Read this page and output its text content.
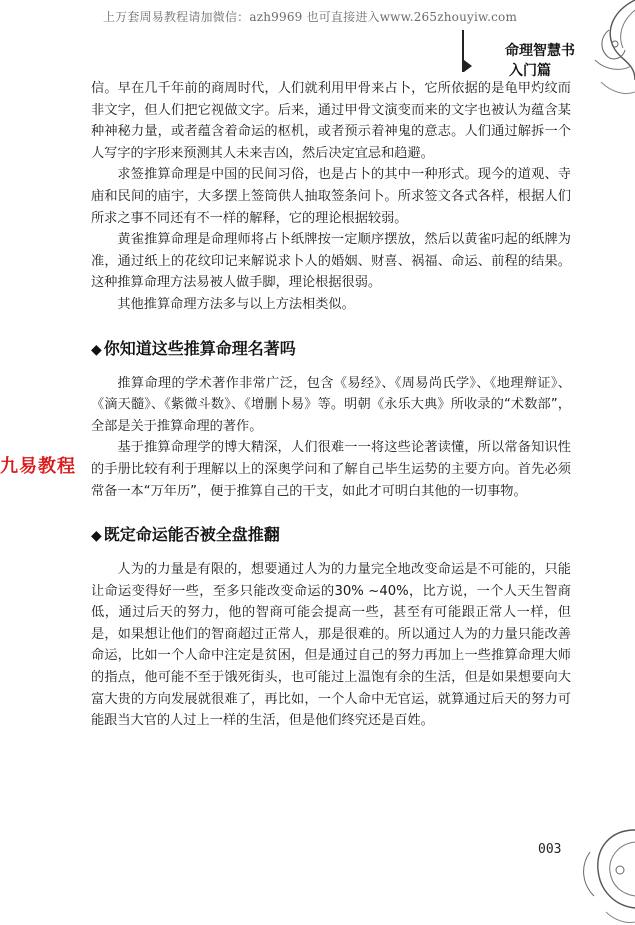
上万套周易教程请加微信：azh9969 也可直接进入www.265zhouyiw.com
命理智慧书
入门篇
九易教程

信。早在几千年前的商周时代，人们就利用甲骨来占卜，它所依据的是龟甲灼纹而非文字，但人们把它视做文字。后来，通过甲骨文演变而来的文字也被认为蕴含某种神秘力量，或者蕴含着命运的枢机，或者预示着神鬼的意志。人们通过解拆一个人写字的字形来预测其人未来吉凶，然后决定宜忌和趋避。

求签推算命理是中国的民间习俗，也是占卜的其中一种形式。现今的道观、寺庙和民间的庙宇，大多摆上签筒供人抽取签条问卜。所求签文各式各样，根据人们所求之事不同还有不一样的解释，它的理论根据较弱。

黄雀推算命理是命理师将占卜纸牌按一定顺序摆放，然后以黄雀叼起的纸牌为准，通过纸上的花纹印记来解说求卜人的婚姻、财喜、祸福、命运、前程的结果。这种推算命理方法易被人做手脚，理论根据很弱。

其他推算命理方法多与以上方法相类似。

◆ 你知道这些推算命理名著吗

推算命理的学术著作非常广泛，包含《易经》、《周易尚氏学》、《地理辩证》、《滴天髓》、《紫微斗数》、《增删卜易》等。明朝《永乐大典》所收录的“术数部”，全部是关于推算命理的著作。

基于推算命理学的博大精深，人们很难一一将这些论著读懂，所以常备知识性的手册比较有利于理解以上的深奥学问和了解自己毕生运势的主要方向。首先必须常备一本“万年历”，便于推算自己的干支，如此才可明白其他的一切事物。

◆ 既定命运能否被全盘推翻

人为的力量是有限的，想要通过人为的力量完全地改变命运是不可能的，只能让命运变得好一些，至多只能改变命运的30% ~40%，比方说，一个人天生智商低，通过后天的努力，他的智商可能会提高一些，甚至有可能跟正常人一样，但是，如果想让他们的智商超过正常人，那是很难的。所以通过人为的力量只能改善命运，比如一个人命中注定是贫困，但是通过自己的努力再加上一些推算命理大师的指点，他可能不至于饿死街头，也可能过上温饱有余的生活，但是如果想要向大富大贵的方向发展就很难了，再比如，一个人命中无官运，就算通过后天的努力可能跟当大官的人过上一样的生活，但是他们终究还是百姓。

003
